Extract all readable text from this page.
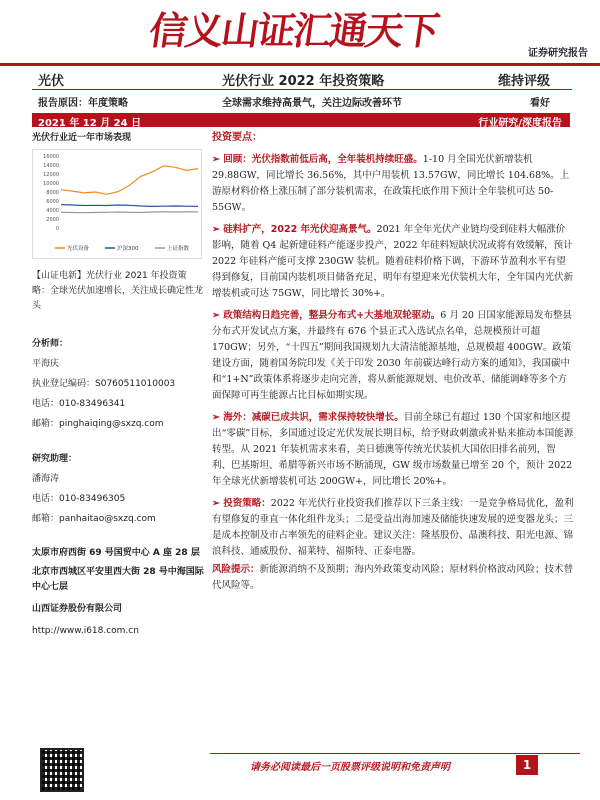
信义山证汇通天下
证券研究报告
光伏	光伏行业 2022 年投资策略	维持评级
报告原因：年度策略	全球需求维持高景气，关注边际改善环节	看好
2021 年 12 月 24 日	行业研究/深度报告
光伏行业近一年市场表现
16000
14000
12000
10000
8000
6000
4000
2000
0
光伏设备	沪深300	上证指数
【山证电新】光伏行业 2021 年投资策略：全球光伏加速增长，关注成长确定性龙头
分析师：
平海庆
执业登记编码：S0760511010003
电话：010-83496341
邮箱：pinghaiqing@sxzq.com
研究助理：
潘海涛
电话：010-83496305
邮箱：panhaitao@sxzq.com
太原市府西街 69 号国贸中心 A 座 28 层
北京市西城区平安里西大街 28 号中海国际中心七层
山西证券股份有限公司
http://www.i618.com.cn
投资要点：
➢ 回顾：光伏指数前低后高，全年装机持续旺盛。1-10 月全国光伏新增装机 29.88GW，同比增长 36.56%，其中户用装机 13.57GW，同比增长 104.68%。上游原材料价格上涨压制了部分装机需求，在政策托底作用下预计全年装机可达 50-55GW。
➢ 硅料扩产，2022 年光伏迎高景气。2021 年全年光伏产业链均受到硅料大幅涨价影响，随着 Q4 起新建硅料产能逐步投产，2022 年硅料短缺状况或将有效缓解，预计 2022 年硅料产能可支撑 230GW 装机。随着硅料价格下调，下游环节盈利水平有望得到修复，目前国内装机项目储备充足，明年有望迎来光伏装机大年，全年国内光伏新增装机或可达 75GW，同比增长 30%+。
➢ 政策结构日趋完善，整县分布式+大基地双轮驱动。6 月 20 日国家能源局发布整县分布式开发试点方案，并最终有 676 个县正式入选试点名单，总规模预计可超 170GW；另外，“十四五”期间我国规划九大清洁能源基地，总规模超 400GW。政策建设方面，随着国务院印发《关于印发 2030 年前碳达峰行动方案的通知》，我国碳中和“1+N”政策体系将逐步走向完善，将从新能源规划、电价改革、储能调峰等多个方面保障可再生能源占比目标如期实现。
➢ 海外：减碳已成共识，需求保持较快增长。目前全球已有超过 130 个国家和地区提出“零碳”目标，多国通过设定光伏发展长期目标，给予财政刺激或补贴来推动本国能源转型。从 2021 年装机需求来看，美日德澳等传统光伏装机大国依旧排名前列，智利、巴基斯坦、希腊等新兴市场不断涌现，GW 级市场数量已增至 20 个，预计 2022 年全球光伏新增装机可达 200GW+，同比增长 20%+。
➢ 投资策略：2022 年光伏行业投资我们推荐以下三条主线：一是竞争格局优化，盈利有望修复的垂直一体化组件龙头；二是受益出海加速及储能快速发展的逆变器龙头；三是成本控制及市占率领先的硅料企业。建议关注：隆基股份、晶澳科技、阳光电源、锦浪科技、通威股份、福莱特、福斯特、正泰电器。
风险提示：新能源消纳不及预期；海内外政策变动风险；原材料价格波动风险；技术替代风险等。
请务必阅读最后一页股票评级说明和免责声明	1
